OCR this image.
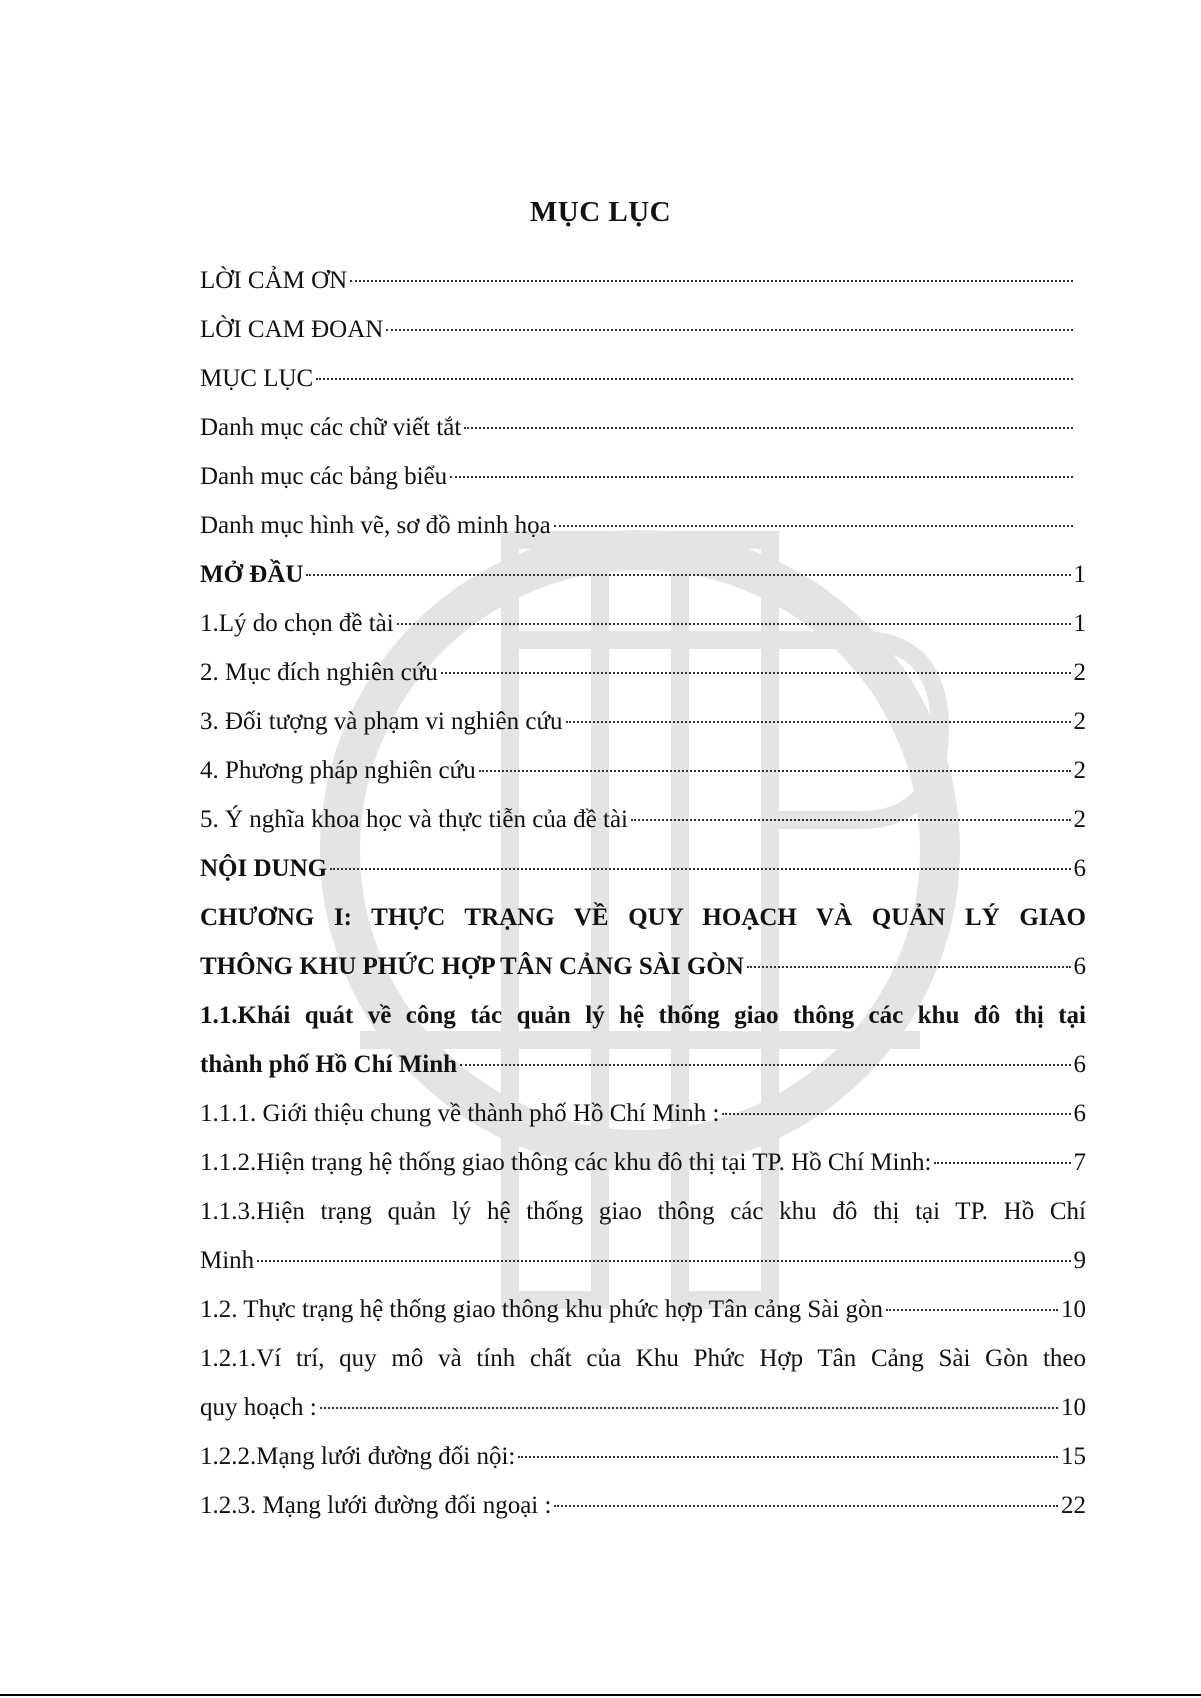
MỤC LỤC
LỜI CẢM ƠN
LỜI CAM ĐOAN
MỤC LỤC
Danh mục các chữ viết tắt
Danh mục các bảng biểu
Danh mục hình vẽ, sơ đồ minh họa
MỞ ĐẦU	1
1.Lý do chọn đề tài	1
2. Mục đích nghiên cứu	2
3. Đối tượng và phạm vi nghiên cứu	2
4. Phương pháp nghiên cứu	2
5. Ý nghĩa khoa học và thực tiễn của đề tài	2
NỘI DUNG	6
CHƯƠNG I: THỰC TRẠNG VỀ QUY HOẠCH VÀ QUẢN LÝ GIAO
THÔNG KHU PHỨC HỢP TÂN CẢNG SÀI GÒN	6
1.1.Khái quát về công tác quản lý hệ thống giao thông các khu đô thị tại
thành phố Hồ Chí Minh	6
1.1.1. Giới thiệu chung về thành phố Hồ Chí Minh :	6
1.1.2.Hiện trạng hệ thống giao thông các khu đô thị tại TP. Hồ Chí Minh:	7
1.1.3.Hiện trạng quản lý hệ thống giao thông các khu đô thị tại TP. Hồ Chí
Minh	9
1.2. Thực trạng hệ thống giao thông khu phức hợp Tân cảng Sài gòn	10
1.2.1.Ví trí, quy mô và tính chất của Khu Phức Hợp Tân Cảng Sài Gòn theo
quy hoạch :	10
1.2.2.Mạng lưới đường đối nội:	15
1.2.3. Mạng lưới đường đối ngoại :	22
